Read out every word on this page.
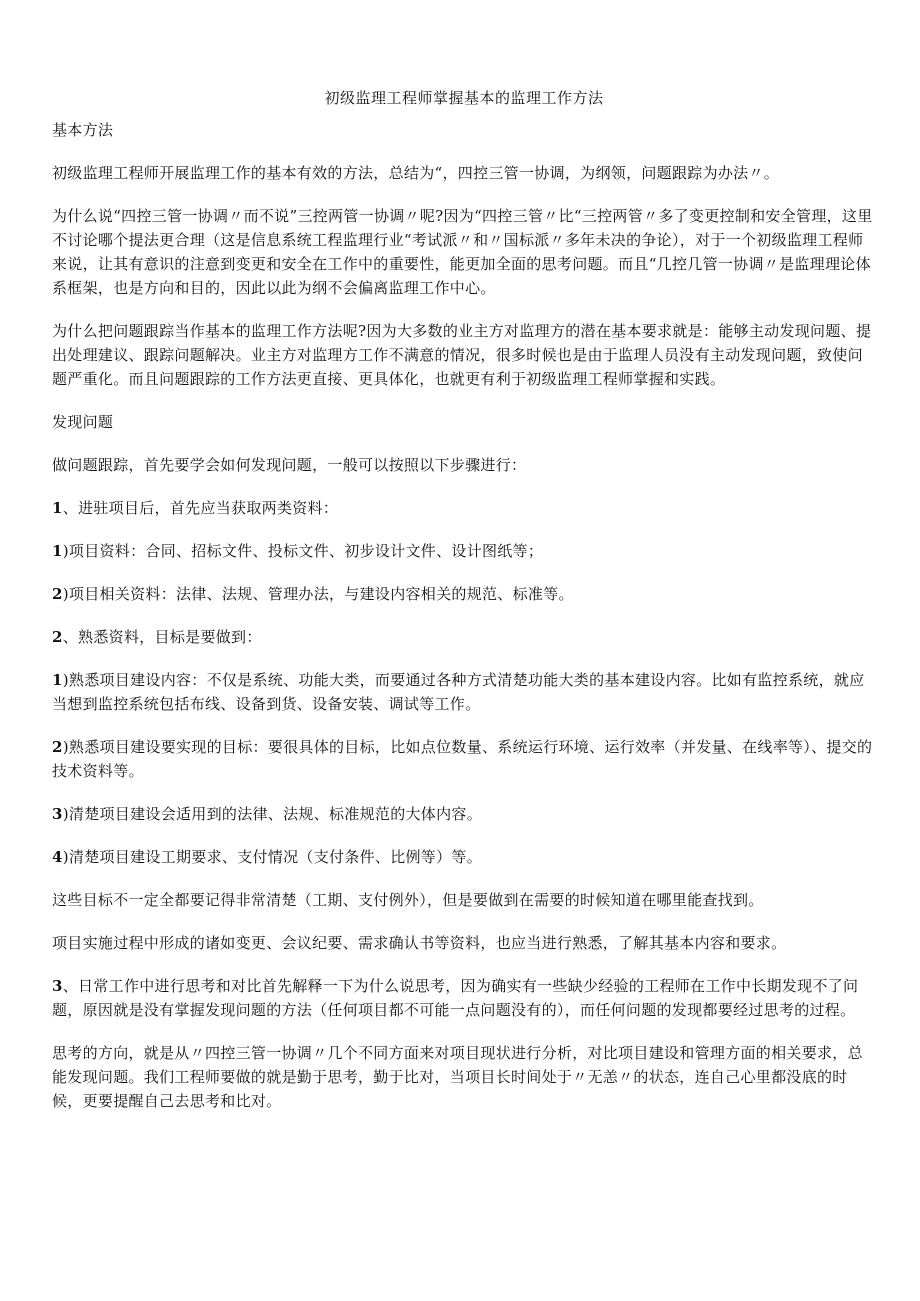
初级监理工程师掌握基本的监理工作方法
基本方法
初级监理工程师开展监理工作的基本有效的方法，总结为“，四控三管一协调，为纲领，问题跟踪为办法〃。
为什么说“四控三管一协调〃而不说”三控两管一协调〃呢?因为“四控三管〃比“三控两管〃多了变更控制和安全管理，这里不讨论哪个提法更合理（这是信息系统工程监理行业“考试派〃和〃国标派〃多年未决的争论），对于一个初级监理工程师来说，让其有意识的注意到变更和安全在工作中的重要性，能更加全面的思考问题。而且“几控几管一协调〃是监理理论体系框架，也是方向和目的，因此以此为纲不会偏离监理工作中心。
为什么把问题跟踪当作基本的监理工作方法呢?因为大多数的业主方对监理方的潜在基本要求就是：能够主动发现问题、提出处理建议、跟踪问题解决。业主方对监理方工作不满意的情况，很多时候也是由于监理人员没有主动发现问题，致使问题严重化。而且问题跟踪的工作方法更直接、更具体化，也就更有利于初级监理工程师掌握和实践。
发现问题
做问题跟踪，首先要学会如何发现问题，一般可以按照以下步骤进行：
1、进驻项目后，首先应当获取两类资料：
1)项目资料：合同、招标文件、投标文件、初步设计文件、设计图纸等；
2)项目相关资料：法律、法规、管理办法，与建设内容相关的规范、标准等。
2、熟悉资料，目标是要做到：
1)熟悉项目建设内容：不仅是系统、功能大类，而要通过各种方式清楚功能大类的基本建设内容。比如有监控系统，就应当想到监控系统包括布线、设备到货、设备安装、调试等工作。
2)熟悉项目建设要实现的目标：要很具体的目标，比如点位数量、系统运行环境、运行效率（并发量、在线率等）、提交的技术资料等。
3)清楚项目建设会适用到的法律、法规、标准规范的大体内容。
4)清楚项目建设工期要求、支付情况（支付条件、比例等）等。
这些目标不一定全都要记得非常清楚（工期、支付例外），但是要做到在需要的时候知道在哪里能查找到。
项目实施过程中形成的诸如变更、会议纪要、需求确认书等资料，也应当进行熟悉，了解其基本内容和要求。
3、日常工作中进行思考和对比首先解释一下为什么说思考，因为确实有一些缺少经验的工程师在工作中长期发现不了问题，原因就是没有掌握发现问题的方法（任何项目都不可能一点问题没有的），而任何问题的发现都要经过思考的过程。
思考的方向，就是从〃四控三管一协调〃几个不同方面来对项目现状进行分析，对比项目建设和管理方面的相关要求，总能发现问题。我们工程师要做的就是勤于思考，勤于比对，当项目长时间处于〃无恙〃的状态，连自己心里都没底的时候，更要提醒自己去思考和比对。
